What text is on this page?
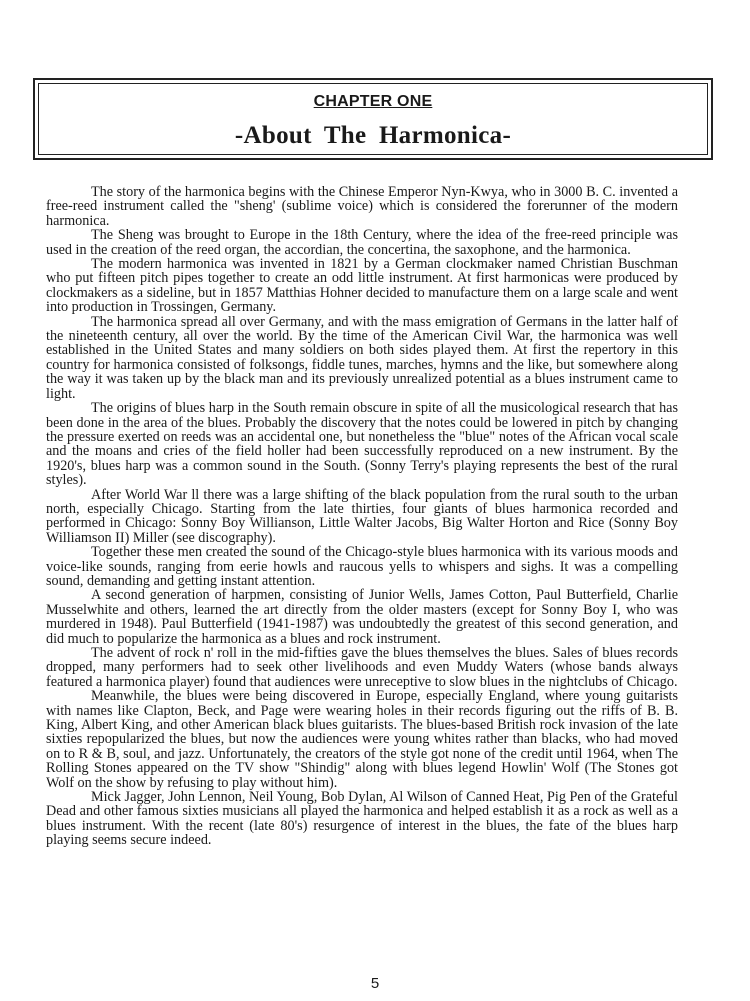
CHAPTER ONE
-About The Harmonica-

The story of the harmonica begins with the Chinese Emperor Nyn-Kwya, who in 3000 B. C. invented a free-reed instrument called the "sheng' (sublime voice) which is considered the forerunner of the modern harmonica.

The Sheng was brought to Europe in the 18th Century, where the idea of the free-reed principle was used in the creation of the reed organ, the accordian, the concertina, the saxophone, and the harmonica.

The modern harmonica was invented in 1821 by a German clockmaker named Christian Buschman who put fifteen pitch pipes together to create an odd little instrument. At first harmonicas were produced by clockmakers as a sideline, but in 1857 Matthias Hohner decided to manufacture them on a large scale and went into production in Trossingen, Germany.

The harmonica spread all over Germany, and with the mass emigration of Germans in the latter half of the nineteenth century, all over the world. By the time of the American Civil War, the harmonica was well established in the United States and many soldiers on both sides played them. At first the repertory in this country for harmonica consisted of folksongs, fiddle tunes, marches, hymns and the like, but somewhere along the way it was taken up by the black man and its previously unrealized potential as a blues instrument came to light.

The origins of blues harp in the South remain obscure in spite of all the musicological research that has been done in the area of the blues. Probably the discovery that the notes could be lowered in pitch by changing the pressure exerted on reeds was an accidental one, but nonetheless the "blue" notes of the African vocal scale and the moans and cries of the field holler had been successfully reproduced on a new instrument. By the 1920's, blues harp was a common sound in the South. (Sonny Terry's playing represents the best of the rural styles).

After World War ll there was a large shifting of the black population from the rural south to the urban north, especially Chicago. Starting from the late thirties, four giants of blues harmonica recorded and performed in Chicago: Sonny Boy Willianson, Little Walter Jacobs, Big Walter Horton and Rice (Sonny Boy Williamson II) Miller (see discography).

Together these men created the sound of the Chicago-style blues harmonica with its various moods and voice-like sounds, ranging from eerie howls and raucous yells to whispers and sighs. It was a compelling sound, demanding and getting instant attention.

A second generation of harpmen, consisting of Junior Wells, James Cotton, Paul Butterfield, Charlie Musselwhite and others, learned the art directly from the older masters (except for Sonny Boy I, who was murdered in 1948). Paul Butterfield (1941-1987) was undoubtedly the greatest of this second generation, and did much to popularize the harmonica as a blues and rock instrument.

The advent of rock n' roll in the mid-fifties gave the blues themselves the blues. Sales of blues records dropped, many performers had to seek other livelihoods and even Muddy Waters (whose bands always featured a harmonica player) found that audiences were unreceptive to slow blues in the nightclubs of Chicago.

Meanwhile, the blues were being discovered in Europe, especially England, where young guitarists with names like Clapton, Beck, and Page were wearing holes in their records figuring out the riffs of B. B. King, Albert King, and other American black blues guitarists. The blues-based British rock invasion of the late sixties repopularized the blues, but now the audiences were young whites rather than blacks, who had moved on to R & B, soul, and jazz. Unfortunately, the creators of the style got none of the credit until 1964, when The Rolling Stones appeared on the TV show "Shindig" along with blues legend Howlin' Wolf (The Stones got Wolf on the show by refusing to play without him).

Mick Jagger, John Lennon, Neil Young, Bob Dylan, Al Wilson of Canned Heat, Pig Pen of the Grateful Dead and other famous sixties musicians all played the harmonica and helped establish it as a rock as well as a blues instrument. With the recent (late 80's) resurgence of interest in the blues, the fate of the blues harp playing seems secure indeed.

5
